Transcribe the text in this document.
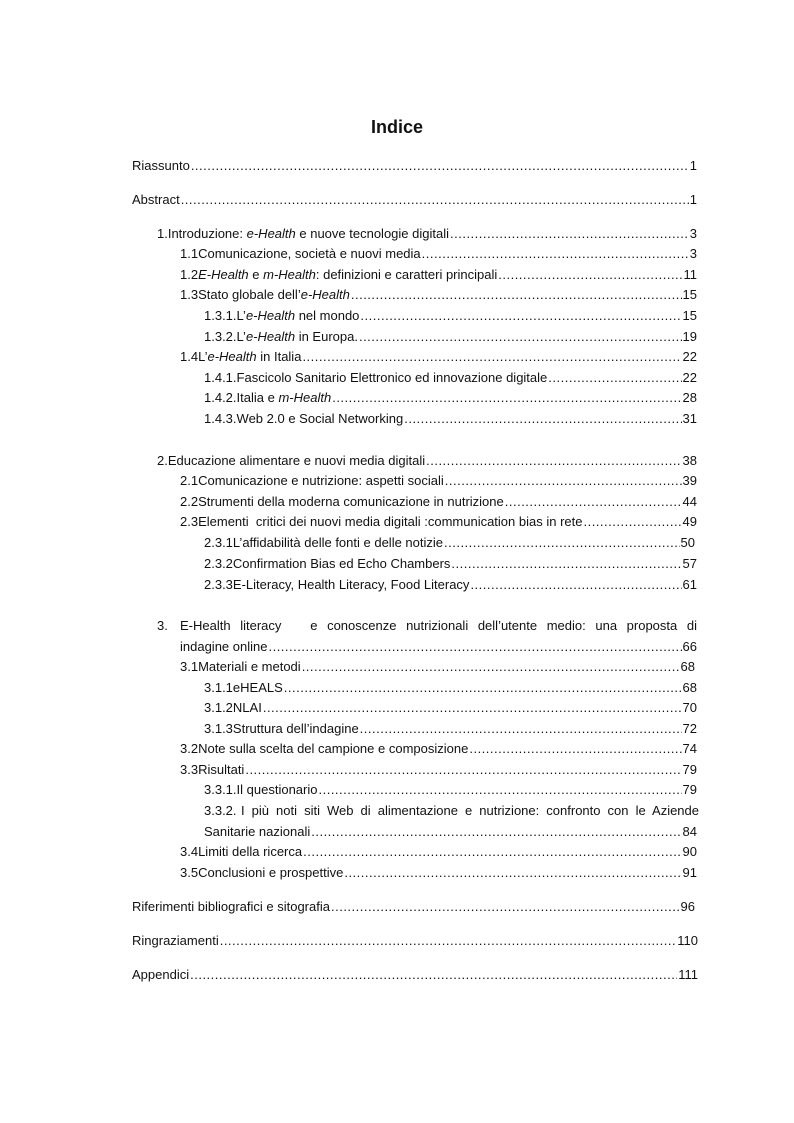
Indice
Riassunto .....	1
Abstract .....	1
1. Introduzione: e-Health e nuove tecnologie digitali .....	3
1.1 Comunicazione, società e nuovi media .....	3
1.2 E-Health e m-Health: definizioni e caratteri principali .....	11
1.3 Stato globale dell’e-Health .....	15
1.3.1. L’e-Health nel mondo .....	15
1.3.2. L’e-Health in Europa. .....	19
1.4 L’e-Health in Italia .....	22
1.4.1. Fascicolo Sanitario Elettronico ed innovazione digitale .....	22
1.4.2. Italia e m-Health .....	28
1.4.3. Web 2.0 e Social Networking .....	31
2. Educazione alimentare e nuovi media digitali .....	38
2.1 Comunicazione e nutrizione: aspetti sociali .....	39
2.2 Strumenti della moderna comunicazione in nutrizione .....	44
2.3 Elementi  critici dei nuovi media digitali :communication bias in rete .....	49
2.3.1 L’affidabilità delle fonti e delle notizie .....	50
2.3.2 Confirmation Bias ed Echo Chambers .....	57
2.3.3 E-Literacy, Health Literacy, Food Literacy .....	61
3. E-Health literacy   e conoscenze nutrizionali dell’utente medio: una proposta di
indagine online .....	66
3.1 Materiali e metodi .....	68
3.1.1 eHEALS .....	68
3.1.2 NLAI .....	70
3.1.3 Struttura dell’indagine .....	72
3.2 Note sulla scelta del campione e composizione .....	74
3.3 Risultati .....	79
3.3.1. Il questionario .....	79
3.3.2. I più noti siti Web di alimentazione e nutrizione: confronto con le Aziende
Sanitarie nazionali .....	84
3.4 Limiti della ricerca .....	90
3.5 Conclusioni e prospettive .....	91
Riferimenti bibliografici e sitografia .....	96
Ringraziamenti .....	110
Appendici .....	111
